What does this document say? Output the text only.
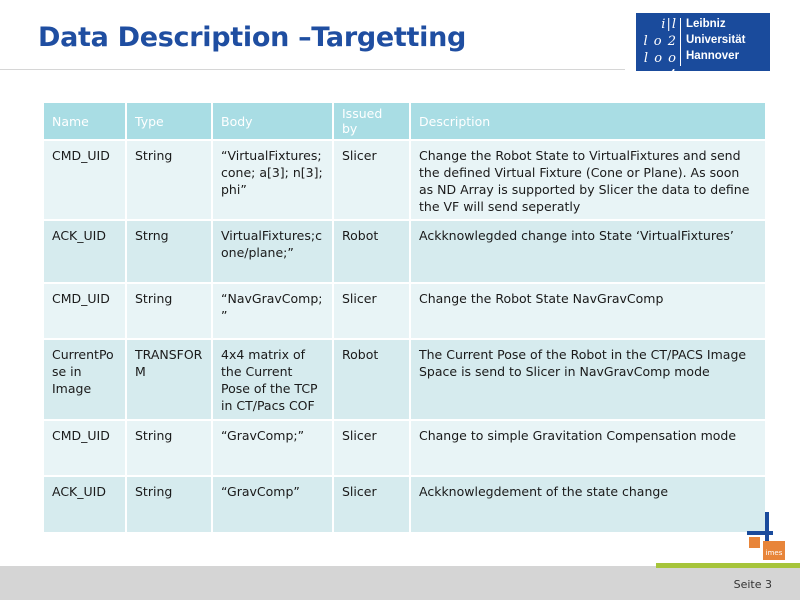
Data Description –Targetting	i|l
l o 2
l o o 4
Leibniz
Universität
Hannover
Name	Type	Body	Issued by	Description
CMD_UID	String	“VirtualFixtures; cone; a[3]; n[3]; phi”	Slicer	Change the Robot State to VirtualFixtures and send the defined Virtual Fixture (Cone or Plane). As soon as ND Array is supported by Slicer the data to define the VF will send seperatly
ACK_UID	Strng	VirtualFixtures;cone/plane;”	Robot	Ackknowlegded change into State ‘VirtualFixtures’
CMD_UID	String	“NavGravComp;”	Slicer	Change the Robot State NavGravComp
CurrentPose in Image	TRANSFORM	4x4 matrix of the Current Pose of the TCP in CT/Pacs COF	Robot	The Current Pose of the Robot in the CT/PACS Image Space is send to Slicer in NavGravComp mode
CMD_UID	String	“GravComp;”	Slicer	Change to simple Gravitation Compensation mode
ACK_UID	String	“GravComp”	Slicer	Ackknowlegdement of the state change
imes
Seite 3
